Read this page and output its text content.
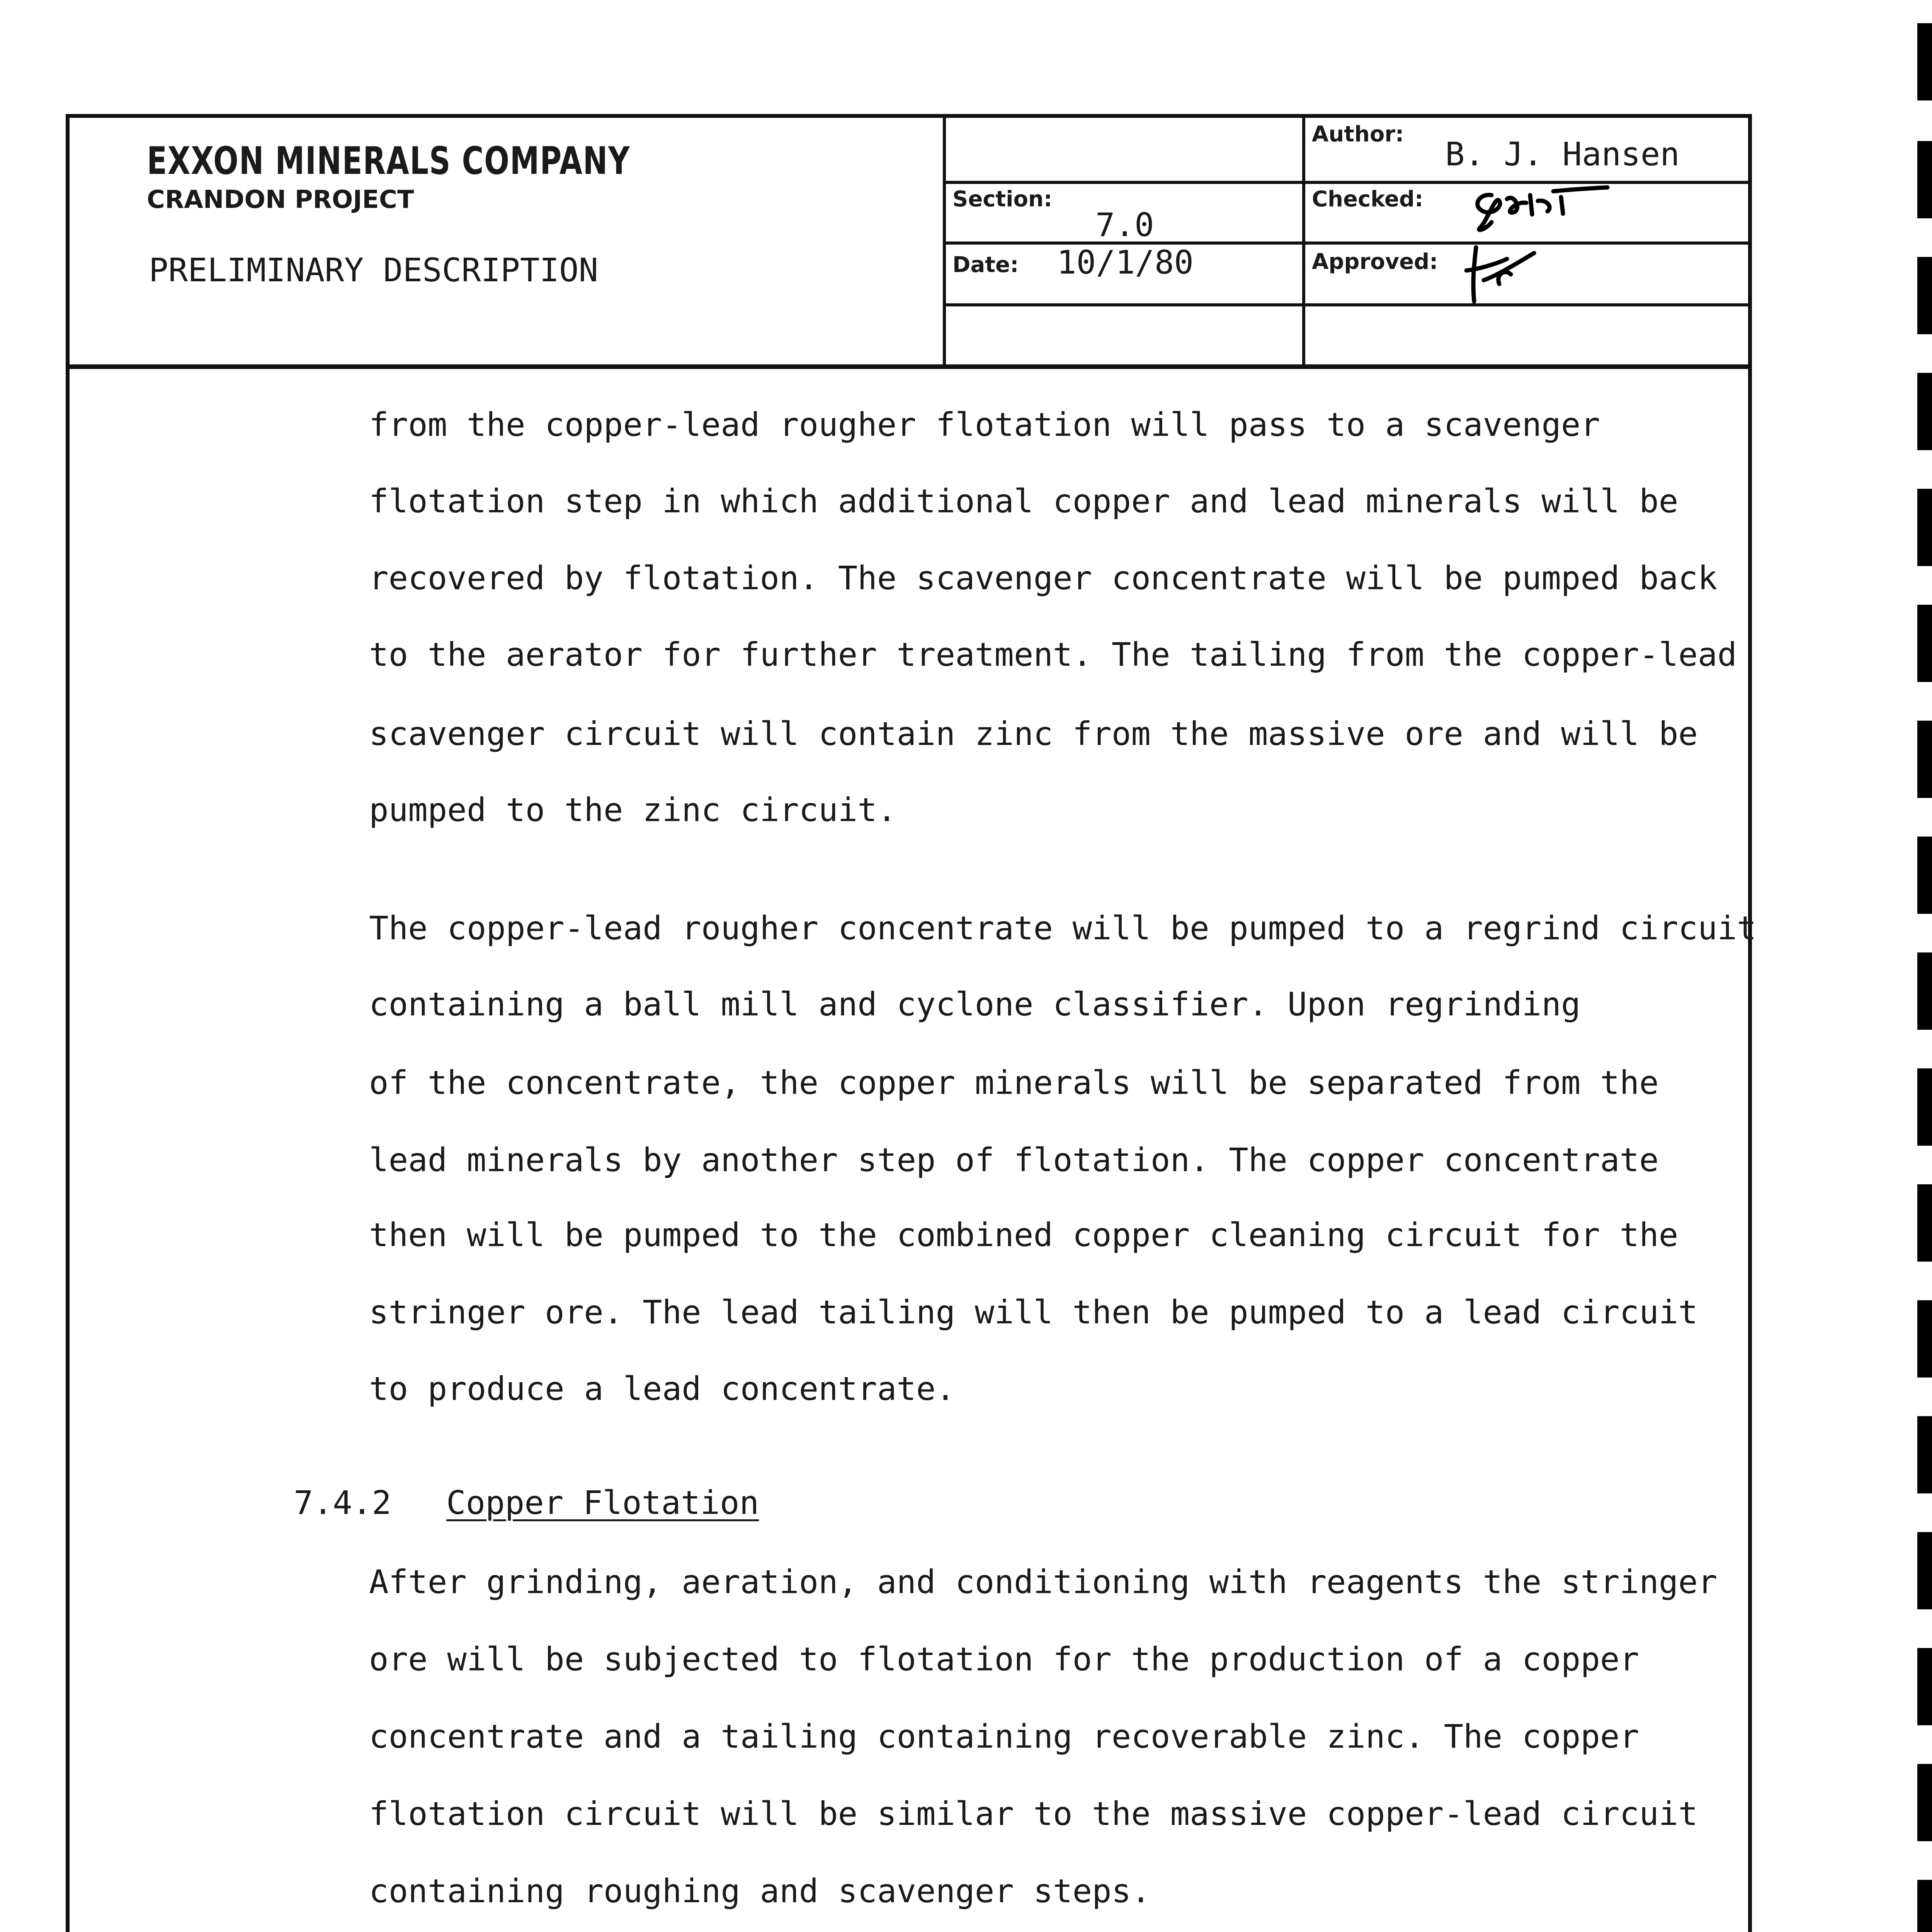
EXXON MINERALS COMPANY
CRANDON PROJECT
PRELIMINARY DESCRIPTION
Author:
B. J. Hansen
Section:
7.0
Checked:
Date: 10/1/80	Approved:
from the copper-lead rougher flotation will pass to a scavenger
flotation step in which additional copper and lead minerals will be
recovered by flotation. The scavenger concentrate will be pumped back
to the aerator for further treatment. The tailing from the copper-lead
scavenger circuit will contain zinc from the massive ore and will be
pumped to the zinc circuit.
The copper-lead rougher concentrate will be pumped to a regrind circuit
containing a ball mill and cyclone classifier. Upon regrinding
of the concentrate, the copper minerals will be separated from the
lead minerals by another step of flotation. The copper concentrate
then will be pumped to the combined copper cleaning circuit for the
stringer ore. The lead tailing will then be pumped to a lead circuit
to produce a lead concentrate.
7.4.2 Copper Flotation
After grinding, aeration, and conditioning with reagents the stringer
ore will be subjected to flotation for the production of a copper
concentrate and a tailing containing recoverable zinc. The copper
flotation circuit will be similar to the massive copper-lead circuit
containing roughing and scavenger steps.
